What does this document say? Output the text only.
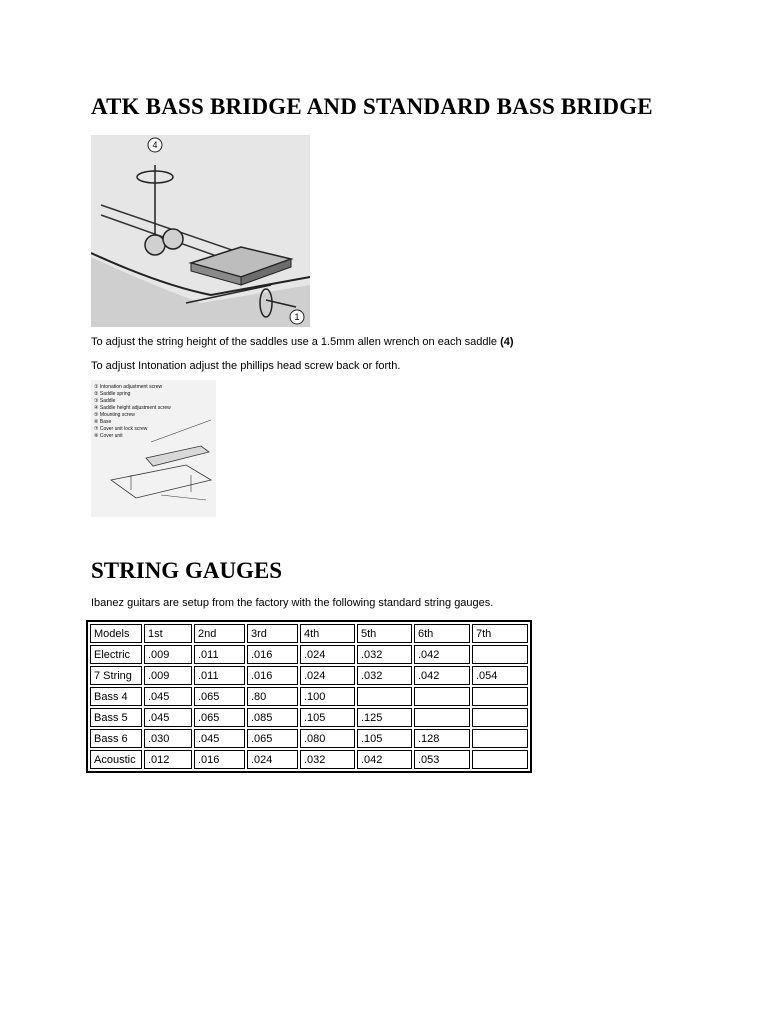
ATK BASS BRIDGE AND STANDARD BASS BRIDGE
4
1

To adjust the string height of the saddles use a 1.5mm allen wrench on each saddle (4)

To adjust Intonation adjust the phillips head screw back or forth.

① Intonation adjustment screw
② Saddle spring
③ Saddle
④ Saddle height adjustment screw
⑤ Mounting screw
⑥ Base
⑦ Cover unit lock screw
⑧ Cover unit
STRING GAUGES

Ibanez guitars are setup from the factory with the following standard string gauges.

Models	1st	2nd	3rd	4th	5th	6th	7th
Electric	.009	.011	.016	.024	.032	.042	
7 String	.009	.011	.016	.024	.032	.042	.054
Bass 4	.045	.065	.80	.100			
Bass 5	.045	.065	.085	.105	.125		
Bass 6	.030	.045	.065	.080	.105	.128	
Acoustic	.012	.016	.024	.032	.042	.053	
